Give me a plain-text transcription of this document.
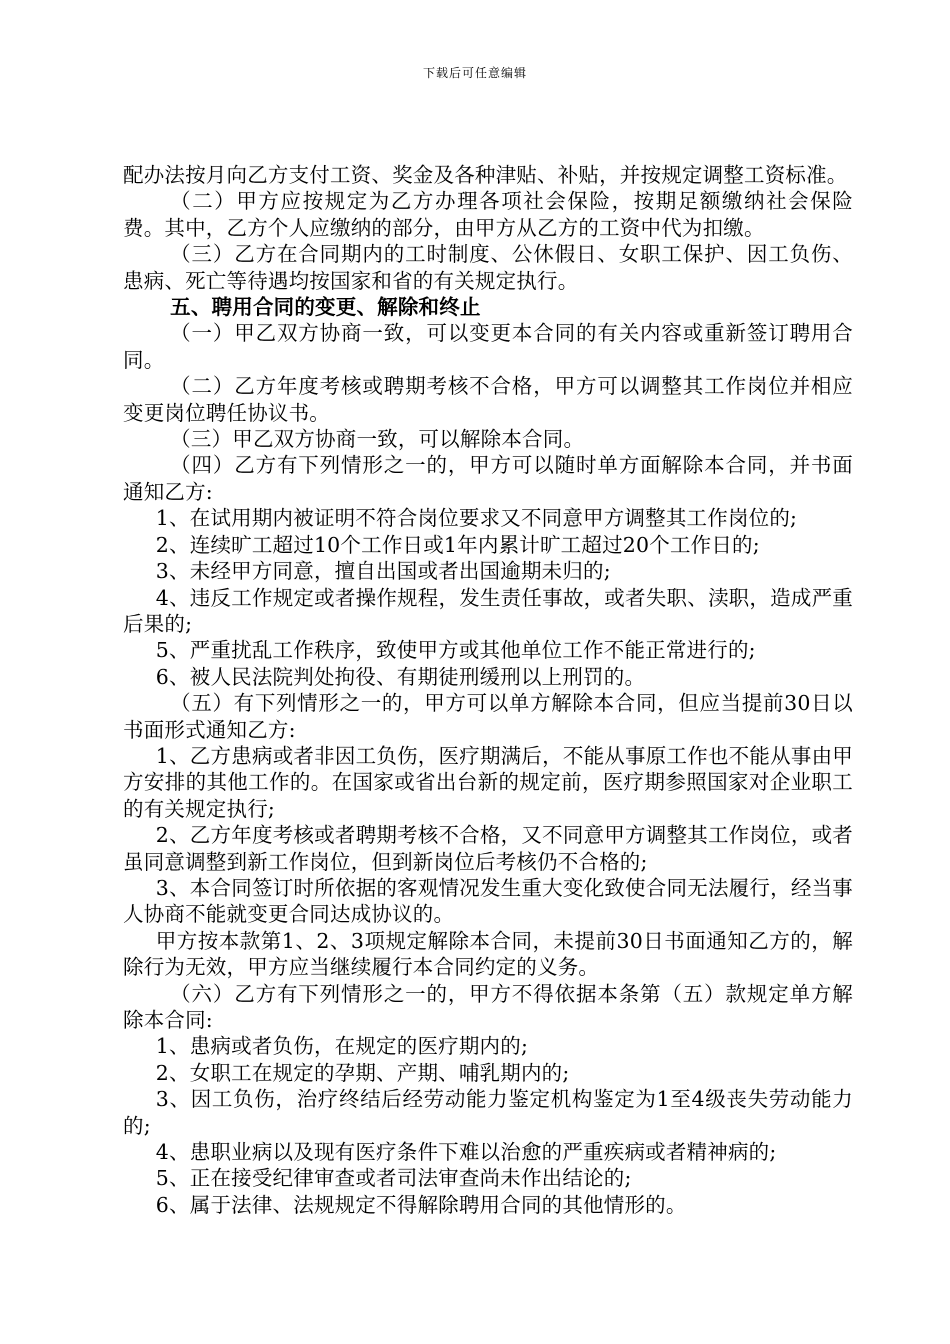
下载后可任意编辑

配办法按月向乙方支付工资、奖金及各种津贴、补贴，并按规定调整工资标准。

（二）甲方应按规定为乙方办理各项社会保险，按期足额缴纳社会保险费。其中，乙方个人应缴纳的部分，由甲方从乙方的工资中代为扣缴。

（三）乙方在合同期内的工时制度、公休假日、女职工保护、因工负伤、患病、死亡等待遇均按国家和省的有关规定执行。

五、聘用合同的变更、解除和终止

（一）甲乙双方协商一致，可以变更本合同的有关内容或重新签订聘用合同。

（二）乙方年度考核或聘期考核不合格，甲方可以调整其工作岗位并相应变更岗位聘任协议书。

（三）甲乙双方协商一致，可以解除本合同。

（四）乙方有下列情形之一的，甲方可以随时单方面解除本合同，并书面通知乙方:

1、在试用期内被证明不符合岗位要求又不同意甲方调整其工作岗位的;

2、连续旷工超过10个工作日或1年内累计旷工超过20个工作日的;

3、未经甲方同意，擅自出国或者出国逾期未归的;

4、违反工作规定或者操作规程，发生责任事故，或者失职、渎职，造成严重后果的;

5、严重扰乱工作秩序，致使甲方或其他单位工作不能正常进行的;

6、被人民法院判处拘役、有期徒刑缓刑以上刑罚的。

（五）有下列情形之一的，甲方可以单方解除本合同，但应当提前30日以书面形式通知乙方:

1、乙方患病或者非因工负伤，医疗期满后，不能从事原工作也不能从事由甲方安排的其他工作的。在国家或省出台新的规定前，医疗期参照国家对企业职工的有关规定执行;

2、乙方年度考核或者聘期考核不合格，又不同意甲方调整其工作岗位，或者虽同意调整到新工作岗位，但到新岗位后考核仍不合格的;

3、本合同签订时所依据的客观情况发生重大变化致使合同无法履行，经当事人协商不能就变更合同达成协议的。

甲方按本款第1、2、3项规定解除本合同，未提前30日书面通知乙方的，解除行为无效，甲方应当继续履行本合同约定的义务。

（六）乙方有下列情形之一的，甲方不得依据本条第（五）款规定单方解除本合同:

1、患病或者负伤，在规定的医疗期内的;

2、女职工在规定的孕期、产期、哺乳期内的;

3、因工负伤，治疗终结后经劳动能力鉴定机构鉴定为1至4级丧失劳动能力的;

4、患职业病以及现有医疗条件下难以治愈的严重疾病或者精神病的;

5、正在接受纪律审查或者司法审查尚未作出结论的;

6、属于法律、法规规定不得解除聘用合同的其他情形的。
